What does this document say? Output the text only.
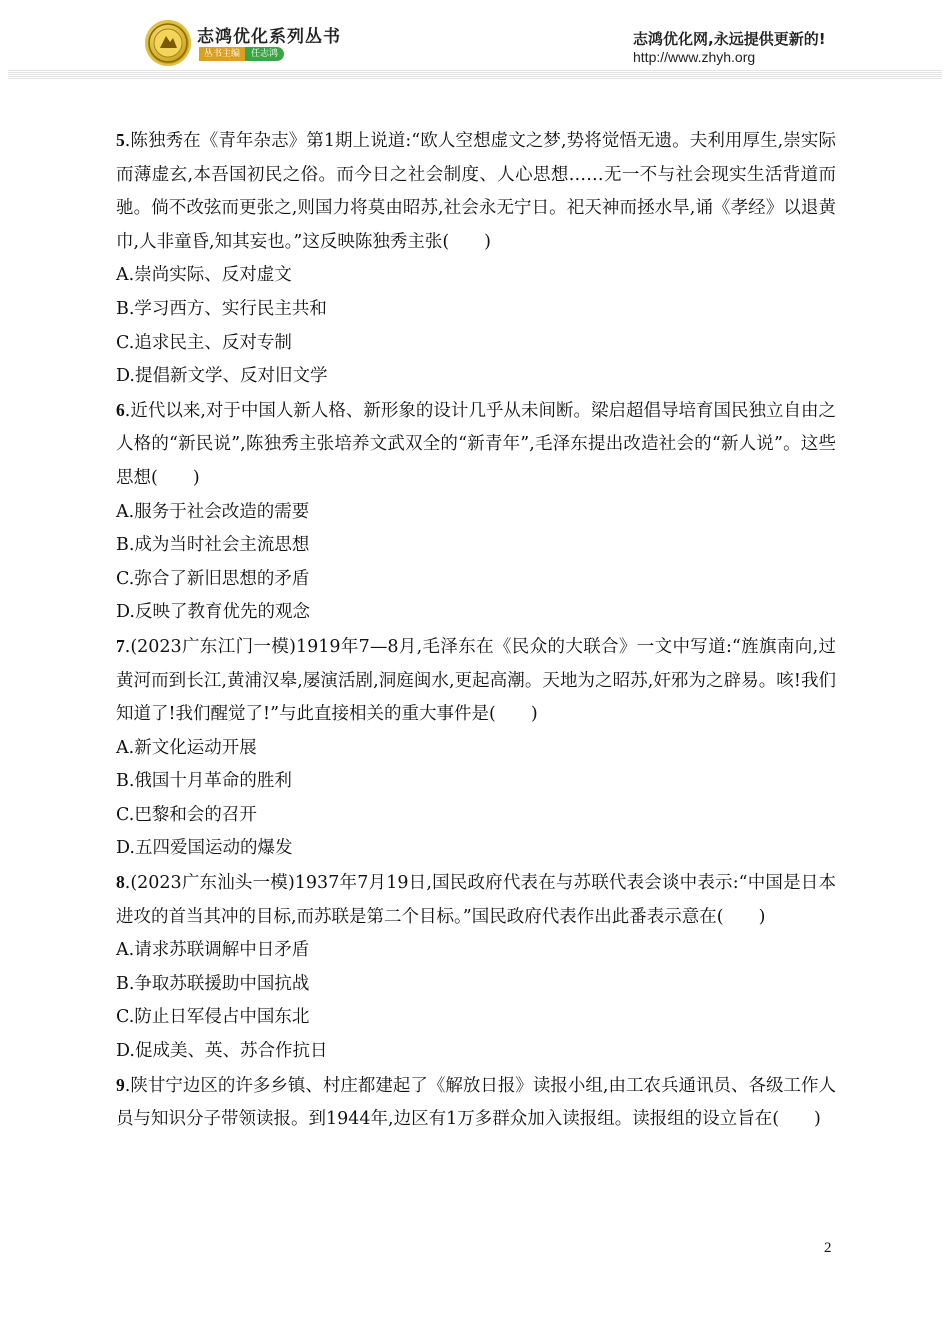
志鸿优化系列丛书
丛书主编	任志鸿
志鸿优化网,永远提供更新的!
http://www.zhyh.org

5.陈独秀在《青年杂志》第1期上说道:“欧人空想虚文之梦,势将觉悟无遗。夫利用厚生,崇实际而薄虚玄,本吾国初民之俗。而今日之社会制度、人心思想……无一不与社会现实生活背道而驰。倘不改弦而更张之,则国力将莫由昭苏,社会永无宁日。祀天神而拯水旱,诵《孝经》以退黄巾,人非童昏,知其妄也。”这反映陈独秀主张(　　)

A.崇尚实际、反对虚文

B.学习西方、实行民主共和

C.追求民主、反对专制

D.提倡新文学、反对旧文学

6.近代以来,对于中国人新人格、新形象的设计几乎从未间断。梁启超倡导培育国民独立自由之人格的“新民说”,陈独秀主张培养文武双全的“新青年”,毛泽东提出改造社会的“新人说”。这些思想(　　)

A.服务于社会改造的需要

B.成为当时社会主流思想

C.弥合了新旧思想的矛盾

D.反映了教育优先的观念

7.(2023广东江门一模)1919年7—8月,毛泽东在《民众的大联合》一文中写道:“旌旗南向,过黄河而到长江,黄浦汉皋,屡演活剧,洞庭闽水,更起高潮。天地为之昭苏,奸邪为之辟易。咳!我们知道了!我们醒觉了!”与此直接相关的重大事件是(　　)

A.新文化运动开展

B.俄国十月革命的胜利

C.巴黎和会的召开

D.五四爱国运动的爆发

8.(2023广东汕头一模)1937年7月19日,国民政府代表在与苏联代表会谈中表示:“中国是日本进攻的首当其冲的目标,而苏联是第二个目标。”国民政府代表作出此番表示意在(　　)

A.请求苏联调解中日矛盾

B.争取苏联援助中国抗战

C.防止日军侵占中国东北

D.促成美、英、苏合作抗日

9.陕甘宁边区的许多乡镇、村庄都建起了《解放日报》读报小组,由工农兵通讯员、各级工作人员与知识分子带领读报。到1944年,边区有1万多群众加入读报组。读报组的设立旨在(　　)

2
